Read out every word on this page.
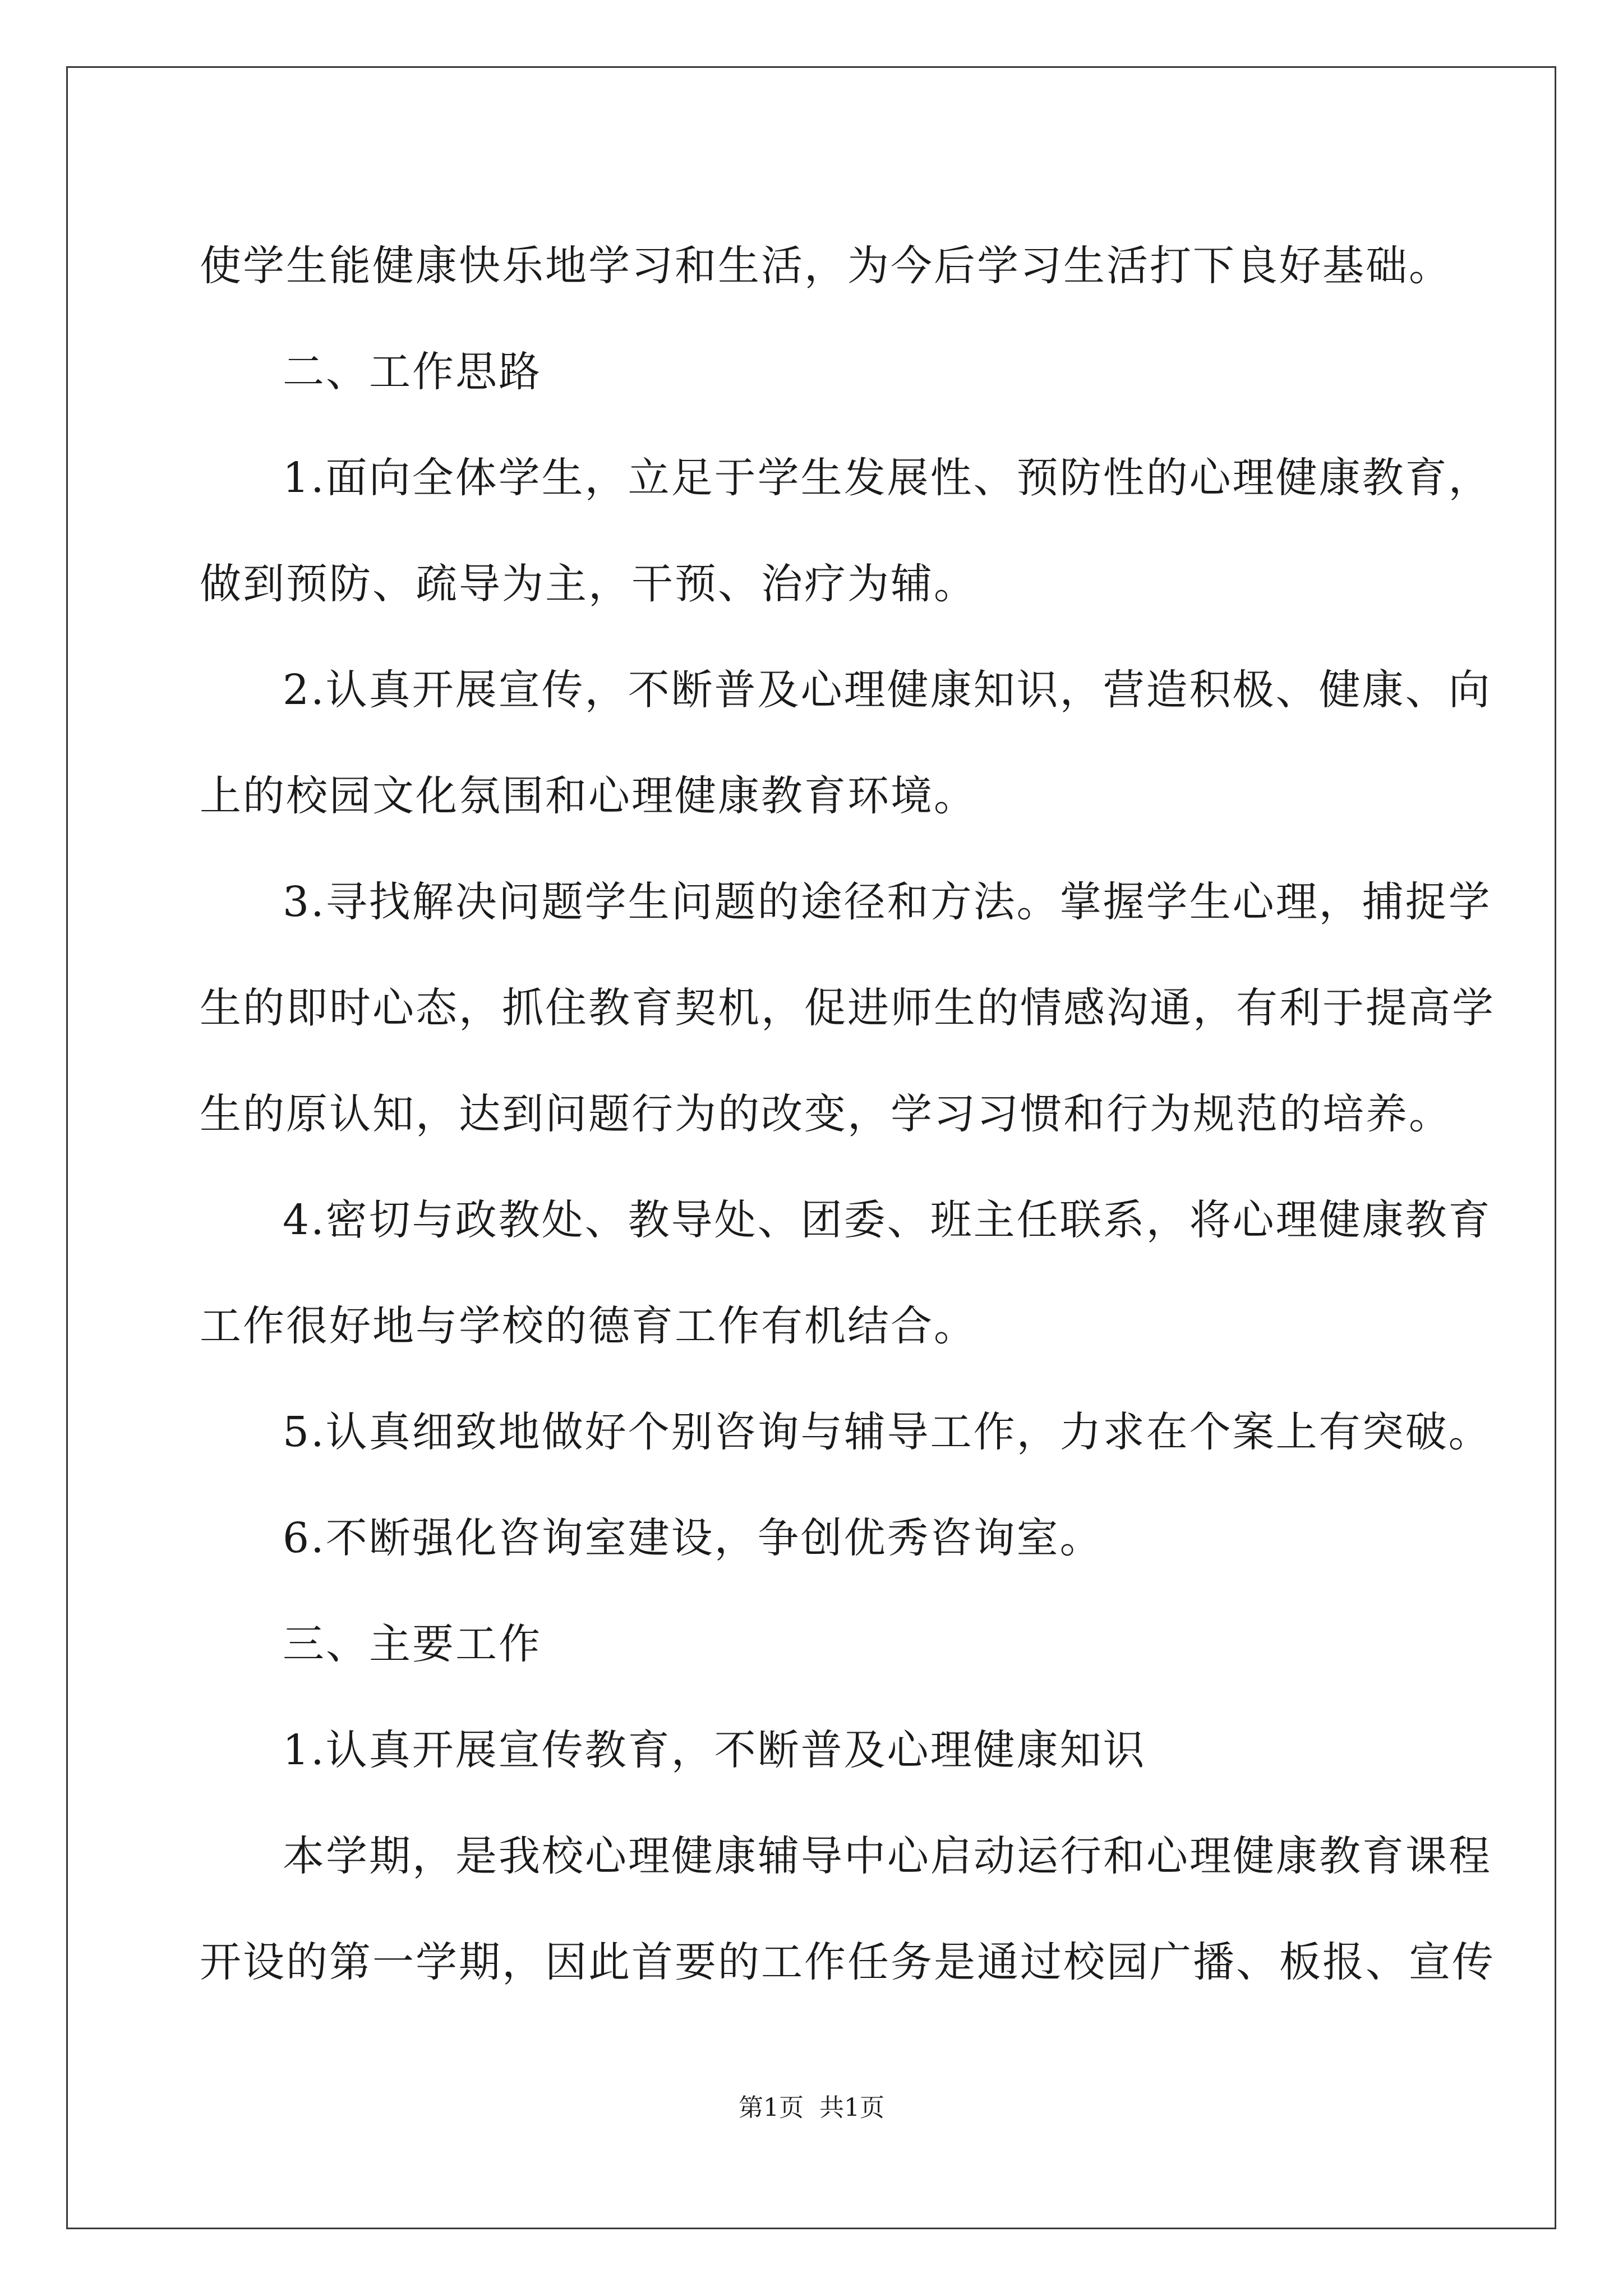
使学生能健康快乐地学习和生活，为今后学习生活打下良好基础。

二、工作思路

1.面向全体学生，立足于学生发展性、预防性的心理健康教育，

做到预防、疏导为主，干预、治疗为辅。

2.认真开展宣传，不断普及心理健康知识，营造积极、健康、向

上的校园文化氛围和心理健康教育环境。

3.寻找解决问题学生问题的途径和方法。掌握学生心理，捕捉学

生的即时心态，抓住教育契机，促进师生的情感沟通，有利于提高学

生的原认知，达到问题行为的改变，学习习惯和行为规范的培养。

4.密切与政教处、教导处、团委、班主任联系，将心理健康教育

工作很好地与学校的德育工作有机结合。

5.认真细致地做好个别咨询与辅导工作，力求在个案上有突破。

6.不断强化咨询室建设，争创优秀咨询室。

三、主要工作

1.认真开展宣传教育，不断普及心理健康知识

本学期，是我校心理健康辅导中心启动运行和心理健康教育课程

开设的第一学期，因此首要的工作任务是通过校园广播、板报、宣传

第1页 共1页
